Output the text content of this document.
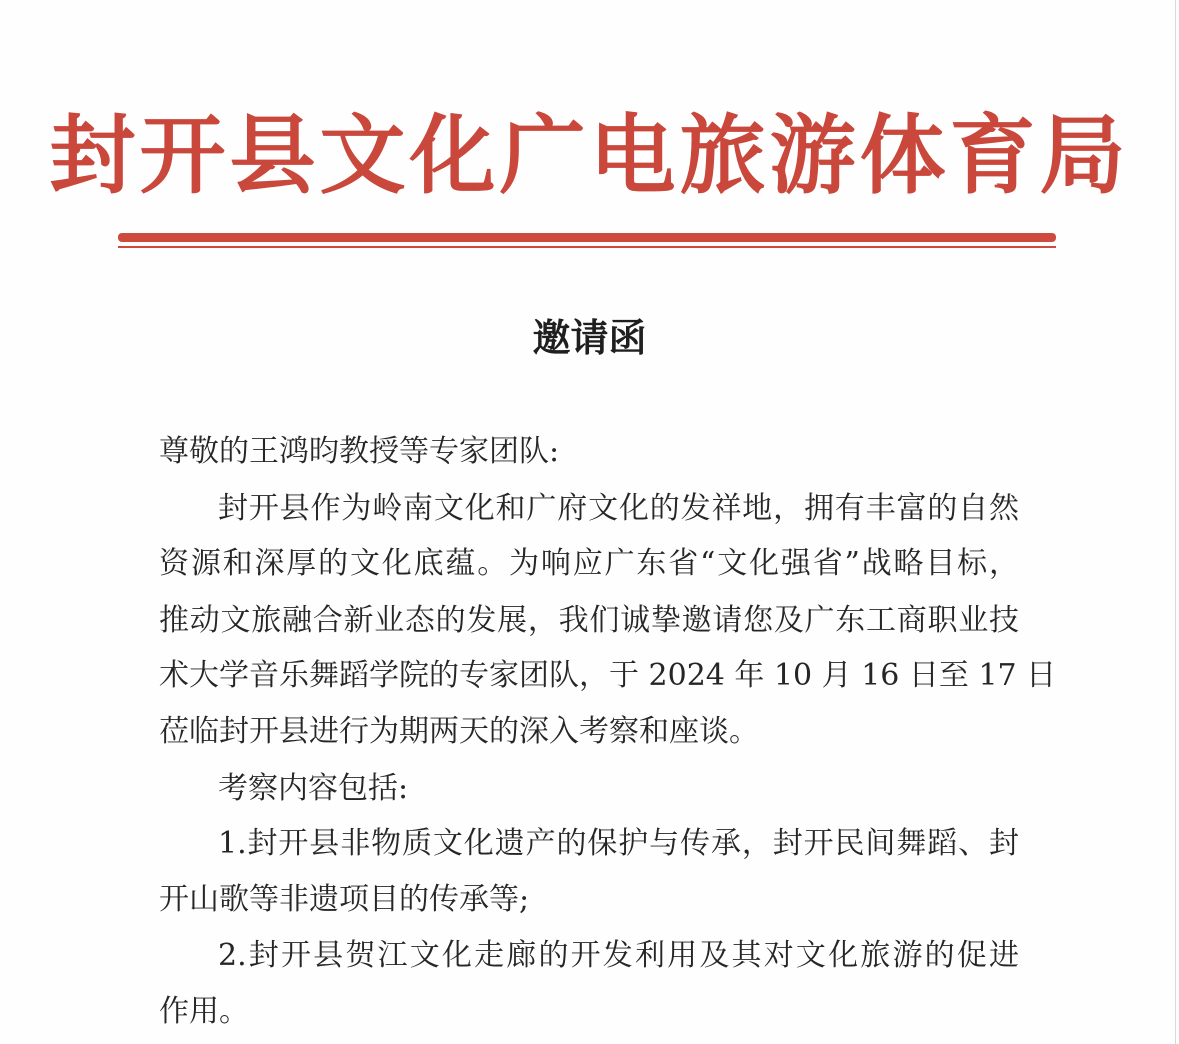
封开县文化广电旅游体育局
邀请函
尊敬的王鸿昀教授等专家团队:
封开县作为岭南文化和广府文化的发祥地，拥有丰富的自然
资源和深厚的文化底蕴。为响应广东省“文化强省”战略目标，
推动文旅融合新业态的发展，我们诚挚邀请您及广东工商职业技
术大学音乐舞蹈学院的专家团队，于 2024 年 10 月 16 日至 17 日
莅临封开县进行为期两天的深入考察和座谈。
考察内容包括:
1.封开县非物质文化遗产的保护与传承，封开民间舞蹈、封
开山歌等非遗项目的传承等;
2.封开县贺江文化走廊的开发利用及其对文化旅游的促进
作用。
